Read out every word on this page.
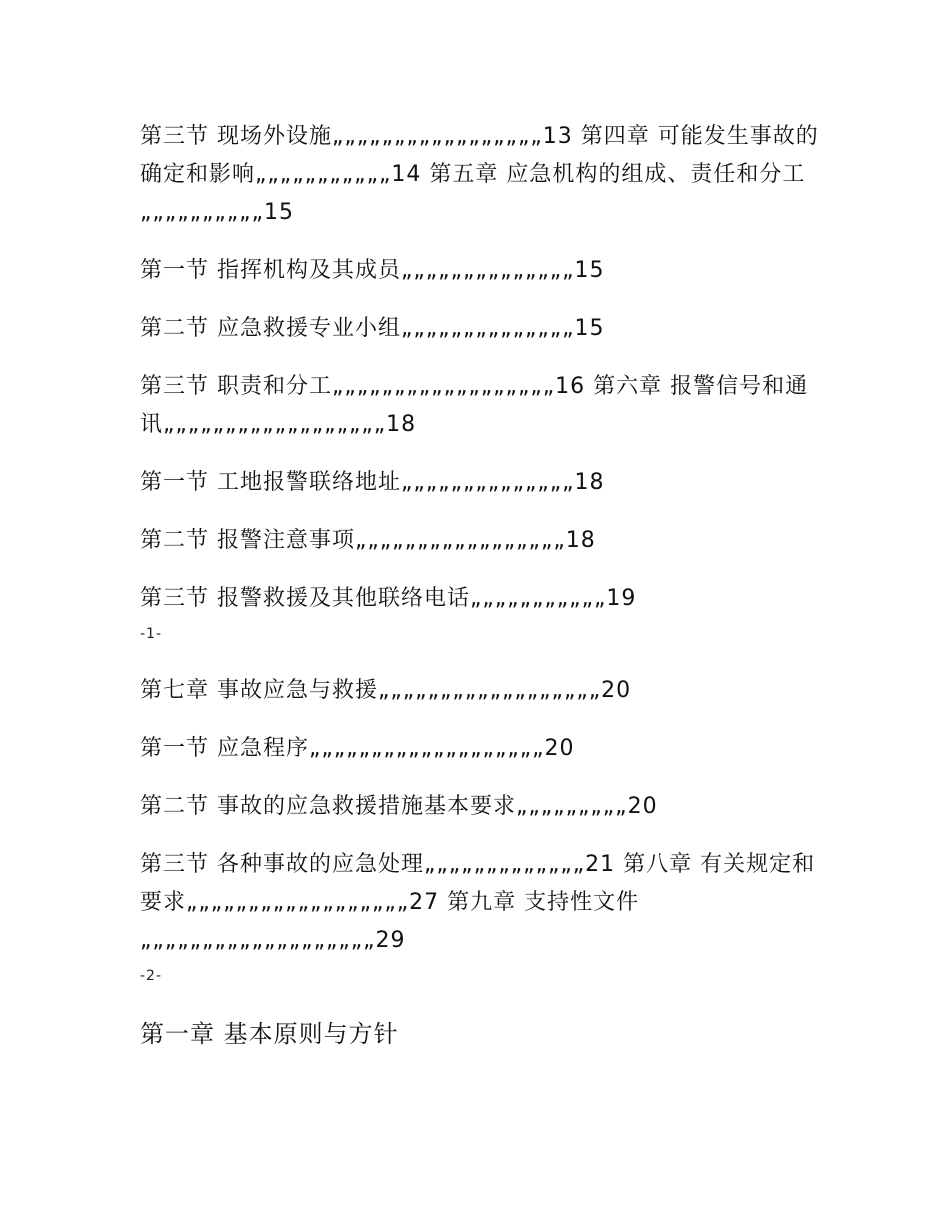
第三节 现场外设施„„„„„„„„„„„„„„„„„13 第四章 可能发生事故的确定和影响„„„„„„„„„„„14 第五章 应急机构的组成、责任和分工„„„„„„„„„„15
第一节 指挥机构及其成员„„„„„„„„„„„„„„15
第二节 应急救援专业小组„„„„„„„„„„„„„„15
第三节 职责和分工„„„„„„„„„„„„„„„„„„16 第六章 报警信号和通讯„„„„„„„„„„„„„„„„„„18
第一节 工地报警联络地址„„„„„„„„„„„„„„18
第二节 报警注意事项„„„„„„„„„„„„„„„„„18
第三节 报警救援及其他联络电话„„„„„„„„„„„19
-1-
第七章 事故应急与救援„„„„„„„„„„„„„„„„„„20
第一节 应急程序„„„„„„„„„„„„„„„„„„„20
第二节 事故的应急救援措施基本要求„„„„„„„„„20
第三节 各种事故的应急处理„„„„„„„„„„„„„21 第八章 有关规定和要求„„„„„„„„„„„„„„„„„„27 第九章 支持性文件„„„„„„„„„„„„„„„„„„„29
-2-
第一章 基本原则与方针
